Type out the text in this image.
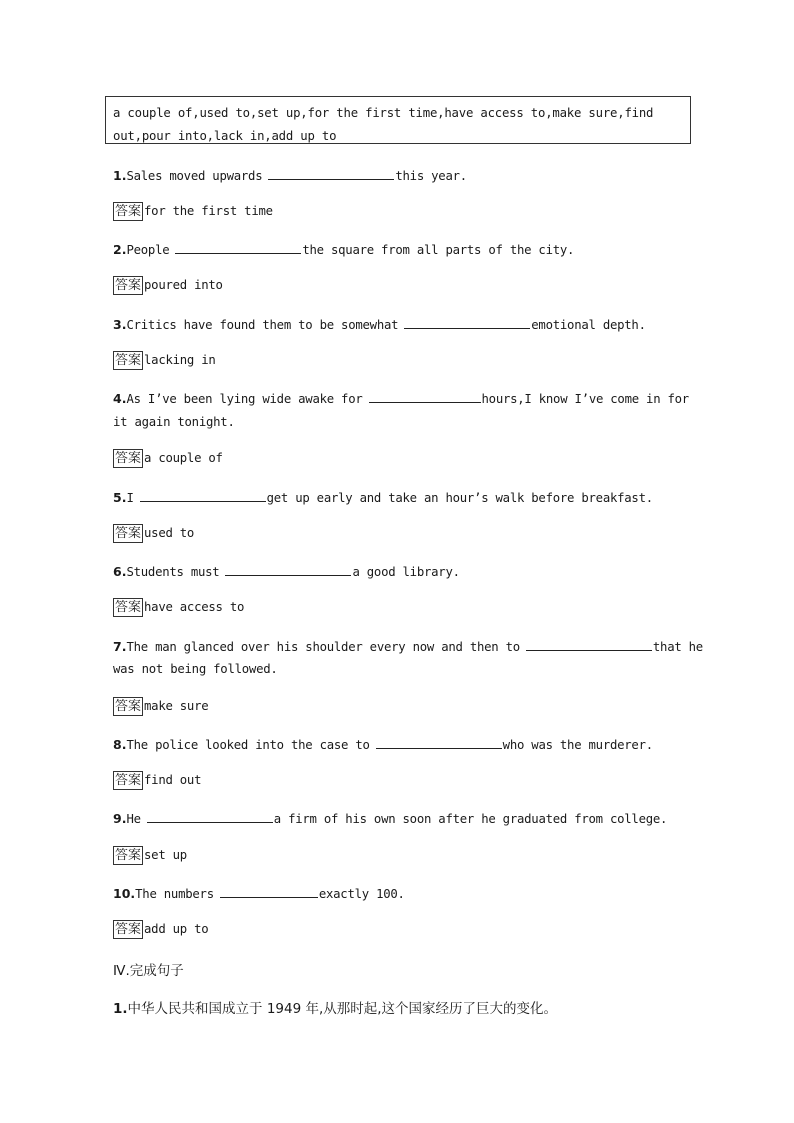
a couple of,used to,set up,for the first time,have access to,make sure,find out,pour into,lack in,add up to
1.Sales moved upwards	this year.
答案 for the first time
2.People	the square from all parts of the city.
答案 poured into
3.Critics have found them to be somewhat	emotional depth.
答案 lacking in
4.As I’ve been lying wide awake for	hours,I know I’ve come in for
it again tonight.
答案 a couple of
5.I	get up early and take an hour’s walk before breakfast.
答案 used to
6.Students must	a good library.
答案 have access to
7.The man glanced over his shoulder every now and then to	that he
was not being followed.
答案 make sure
8.The police looked into the case to	who was the murderer.
答案 find out
9.He	a firm of his own soon after he graduated from college.
答案 set up
10.The numbers	exactly 100.
答案 add up to
Ⅳ.完成句子
1.中华人民共和国成立于 1949 年,从那时起,这个国家经历了巨大的变化。
